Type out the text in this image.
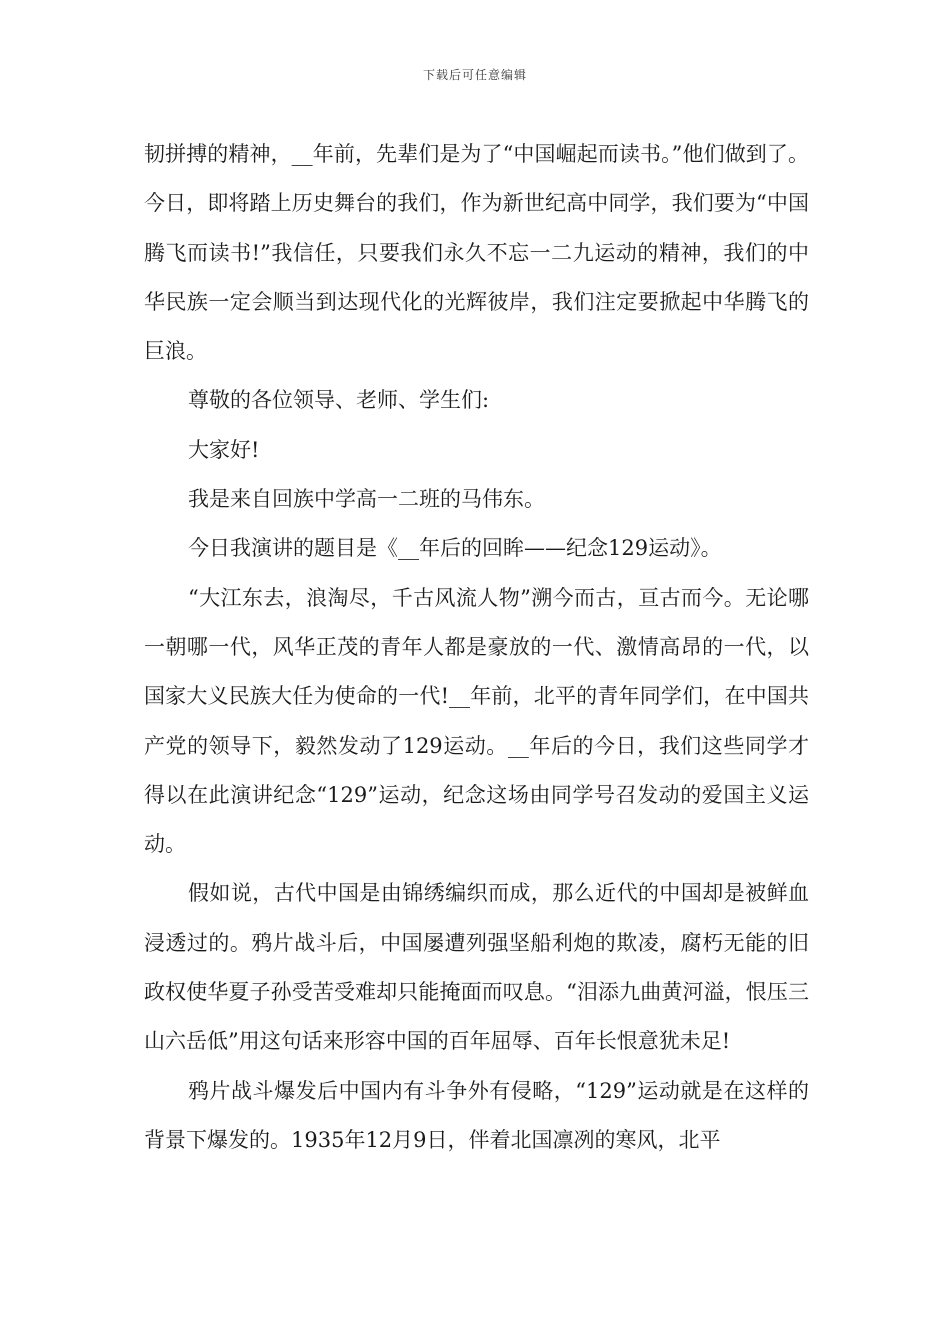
下载后可任意编辑

韧拼搏的精神，__年前，先辈们是为了“中国崛起而读书。”他们做到了。今日，即将踏上历史舞台的我们，作为新世纪高中同学，我们要为“中国腾飞而读书!”我信任，只要我们永久不忘一二九运动的精神，我们的中华民族一定会顺当到达现代化的光辉彼岸，我们注定要掀起中华腾飞的巨浪。

尊敬的各位领导、老师、学生们:

大家好!

我是来自回族中学高一二班的马伟东。

今日我演讲的题目是《__年后的回眸——纪念129运动》。

“大江东去，浪淘尽，千古风流人物”溯今而古，亘古而今。无论哪一朝哪一代，风华正茂的青年人都是豪放的一代、激情高昂的一代，以国家大义民族大任为使命的一代!__年前，北平的青年同学们，在中国共产党的领导下，毅然发动了129运动。__年后的今日，我们这些同学才得以在此演讲纪念“129”运动，纪念这场由同学号召发动的爱国主义运动。

假如说，古代中国是由锦绣编织而成，那么近代的中国却是被鲜血浸透过的。鸦片战斗后，中国屡遭列强坚船利炮的欺凌，腐朽无能的旧政权使华夏子孙受苦受难却只能掩面而叹息。“泪添九曲黄河溢，恨压三山六岳低”用这句话来形容中国的百年屈辱、百年长恨意犹未足!

鸦片战斗爆发后中国内有斗争外有侵略，“129”运动就是在这样的背景下爆发的。1935年12月9日，伴着北国凛冽的寒风，北平
